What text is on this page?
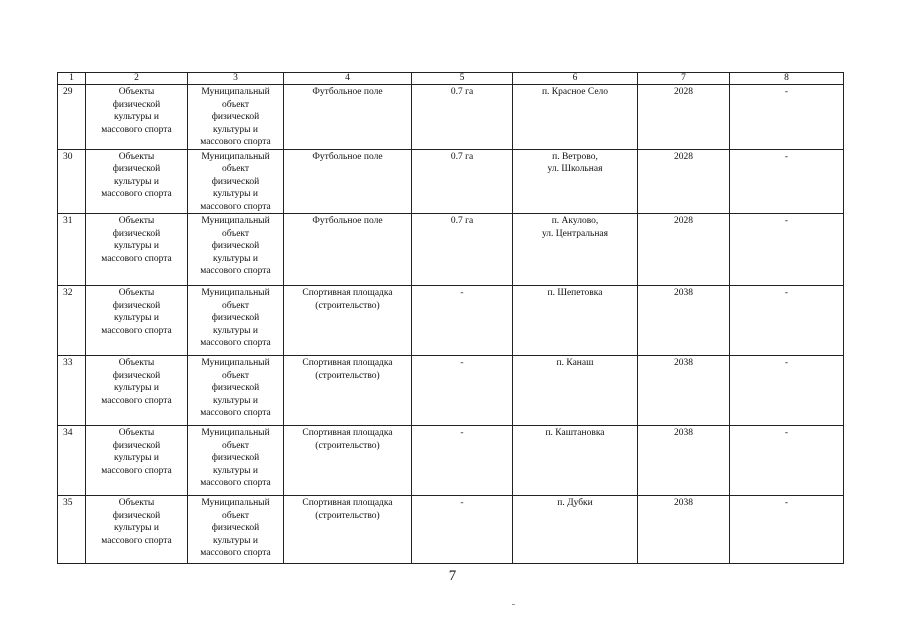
1	2	3	4	5	6	7	8

29	Объекты
физической
культуры и
массового спорта	Муниципальный
объект
физической
культуры и
массового спорта	Футбольное поле	0.7 га	п. Красное Село	2028	-

30	Объекты
физической
культуры и
массового спорта	Муниципальный
объект
физической
культуры и
массового спорта	Футбольное поле	0.7 га	п. Ветрово,
ул. Школьная	2028	-

31	Объекты
физической
культуры и
массового спорта	Муниципальный
объект
физической
культуры и
массового спорта	Футбольное поле	0.7 га	п. Акулово,
ул. Центральная	2028	-

32	Объекты
физической
культуры и
массового спорта	Муниципальный
объект
физической
культуры и
массового спорта	Спортивная площадка
(строительство)	-	п. Шепетовка	2038	-

33	Объекты
физической
культуры и
массового спорта	Муниципальный
объект
физической
культуры и
массового спорта	Спортивная площадка
(строительство)	-	п. Канаш	2038	-

34	Объекты
физической
культуры и
массового спорта	Муниципальный
объект
физической
культуры и
массового спорта	Спортивная площадка
(строительство)	-	п. Каштановка	2038	-

35	Объекты
физической
культуры и
массового спорта	Муниципальный
объект
физической
культуры и
массового спорта	Спортивная площадка
(строительство)	-	п. Дубки	2038	-
7
